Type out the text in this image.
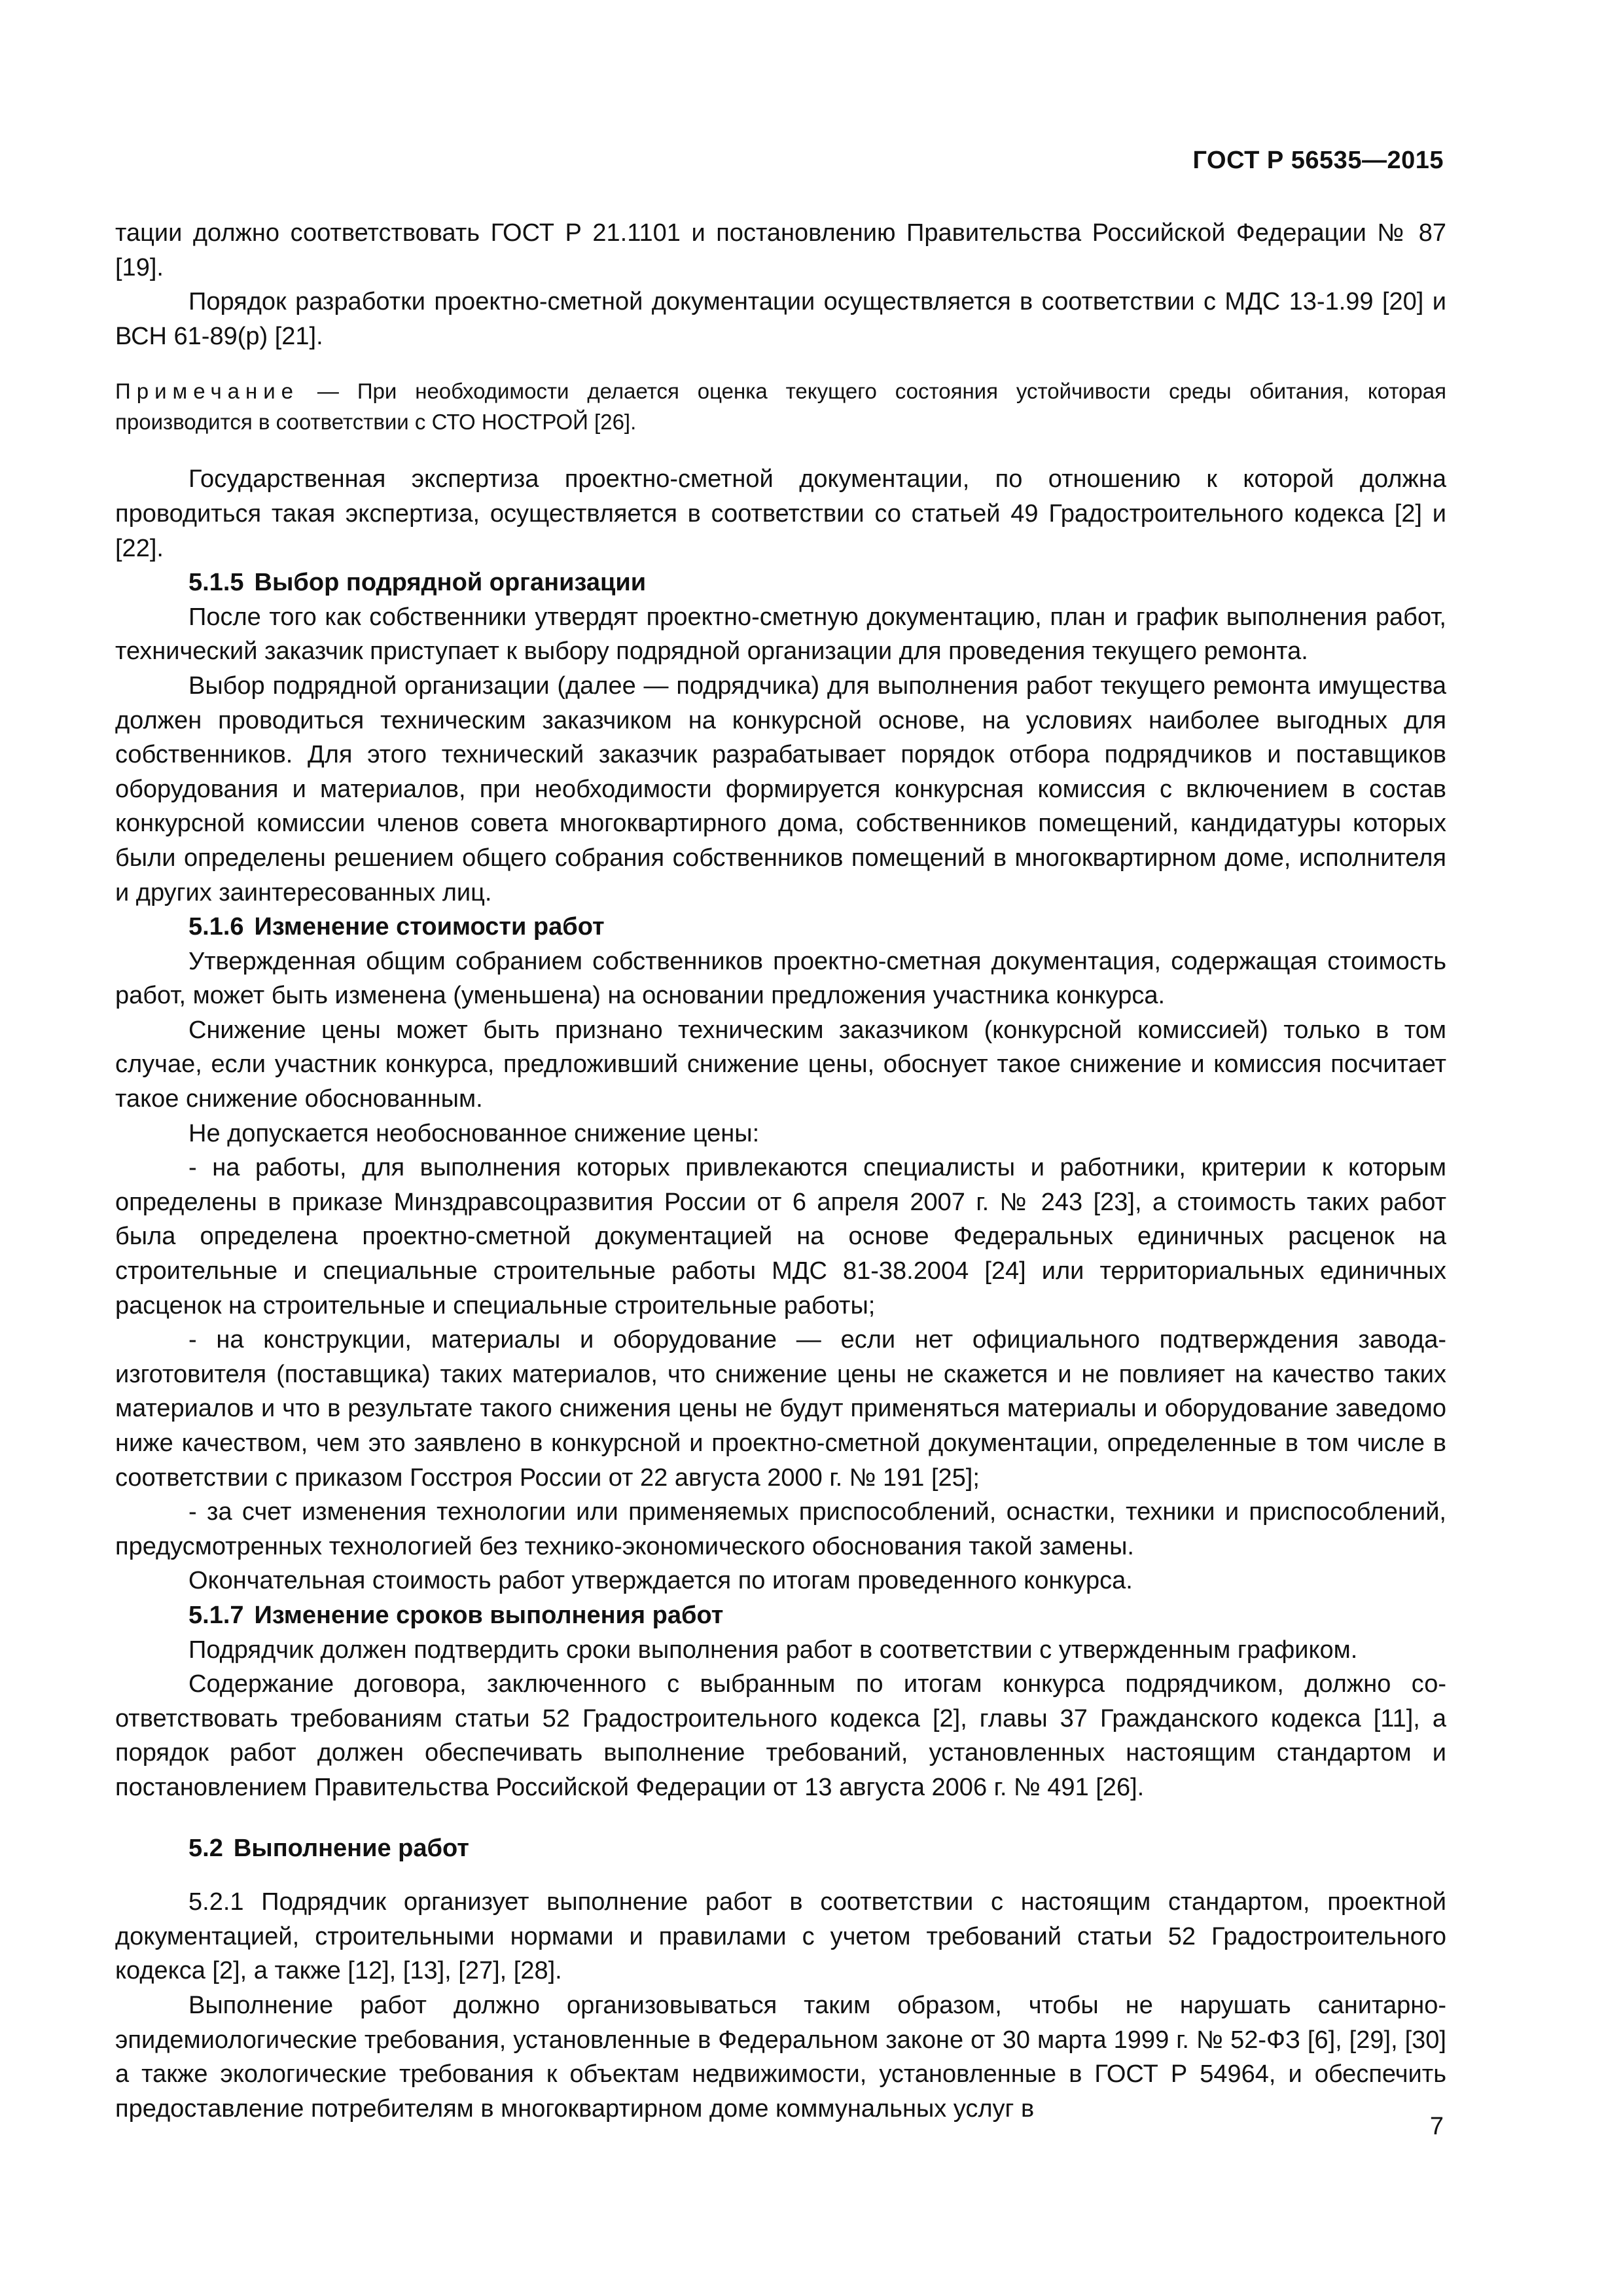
ГОСТ Р 56535—2015

тации должно соответствовать ГОСТ Р 21.1101 и постановлению Правительства Российской Федерации № 87 [19].

Порядок разработки проектно-сметной документации осуществляется в соответствии с МДС 13-1.99 [20] и ВСН 61-89(р) [21].

Примечание — При необходимости делается оценка текущего состояния устойчивости среды обитания, которая производится в соответствии с СТО НОСТРОЙ [26].

Государственная экспертиза проектно-сметной документации, по отношению к которой должна проводиться такая экспертиза, осуществляется в соответствии со статьей 49 Градостроительного кодекса [2] и [22].

5.1.5 Выбор подрядной организации

После того как собственники утвердят проектно-сметную документацию, план и график выполнения работ, технический заказчик приступает к выбору подрядной организации для проведения текущего ремонта.

Выбор подрядной организации (далее — подрядчика) для выполнения работ текущего ремонта имущества должен проводиться техническим заказчиком на конкурсной основе, на условиях наиболее выгодных для собственников. Для этого технический заказчик разрабатывает порядок отбора подрядчиков и поставщиков оборудования и материалов, при необходимости формируется конкурсная комиссия с включением в состав конкурсной комиссии членов совета многоквартирного дома, собственников помещений, кандидатуры которых были определены решением общего собрания собственников помещений в многоквартирном доме, исполнителя и других заинтересованных лиц.

5.1.6 Изменение стоимости работ

Утвержденная общим собранием собственников проектно-сметная документация, содержащая стоимость работ, может быть изменена (уменьшена) на основании предложения участника конкурса.

Снижение цены может быть признано техническим заказчиком (конкурсной комиссией) только в том случае, если участник конкурса, предложивший снижение цены, обоснует такое снижение и комиссия посчитает такое снижение обоснованным.

Не допускается необоснованное снижение цены:

- на работы, для выполнения которых привлекаются специалисты и работники, критерии к которым определены в приказе Минздравсоцразвития России от 6 апреля 2007 г. № 243 [23], а стоимость таких работ была определена проектно-сметной документацией на основе Федеральных единичных расценок на строительные и специальные строительные работы МДС 81-38.2004 [24] или территориальных единичных расценок на строительные и специальные строительные работы;

- на конструкции, материалы и оборудование — если нет официального подтверждения завода-изготовителя (поставщика) таких материалов, что снижение цены не скажется и не повлияет на качество таких материалов и что в результате такого снижения цены не будут применяться материалы и оборудование заведомо ниже качеством, чем это заявлено в конкурсной и проектно-сметной документации, определенные в том числе в соответствии с приказом Госстроя России от 22 августа 2000 г. № 191 [25];

- за счет изменения технологии или применяемых приспособлений, оснастки, техники и приспособлений, предусмотренных технологией без технико-экономического обоснования такой замены.

Окончательная стоимость работ утверждается по итогам проведенного конкурса.

5.1.7 Изменение сроков выполнения работ

Подрядчик должен подтвердить сроки выполнения работ в соответствии с утвержденным графиком.

Содержание договора, заключенного с выбранным по итогам конкурса подрядчиком, должно соответствовать требованиям статьи 52 Градостроительного кодекса [2], главы 37 Гражданского кодекса [11], а порядок работ должен обеспечивать выполнение требований, установленных настоящим стандартом и постановлением Правительства Российской Федерации от 13 августа 2006 г. № 491 [26].

5.2 Выполнение работ

5.2.1 Подрядчик организует выполнение работ в соответствии с настоящим стандартом, проектной документацией, строительными нормами и правилами с учетом требований статьи 52 Градостроительного кодекса [2], а также [12], [13], [27], [28].

Выполнение работ должно организовываться таким образом, чтобы не нарушать санитарно-эпидемиологические требования, установленные в Федеральном законе от 30 марта 1999 г. № 52-ФЗ [6], [29], [30] а также экологические требования к объектам недвижимости, установленные в ГОСТ Р 54964, и обеспечить предоставление потребителям в многоквартирном доме коммунальных услуг в

7
